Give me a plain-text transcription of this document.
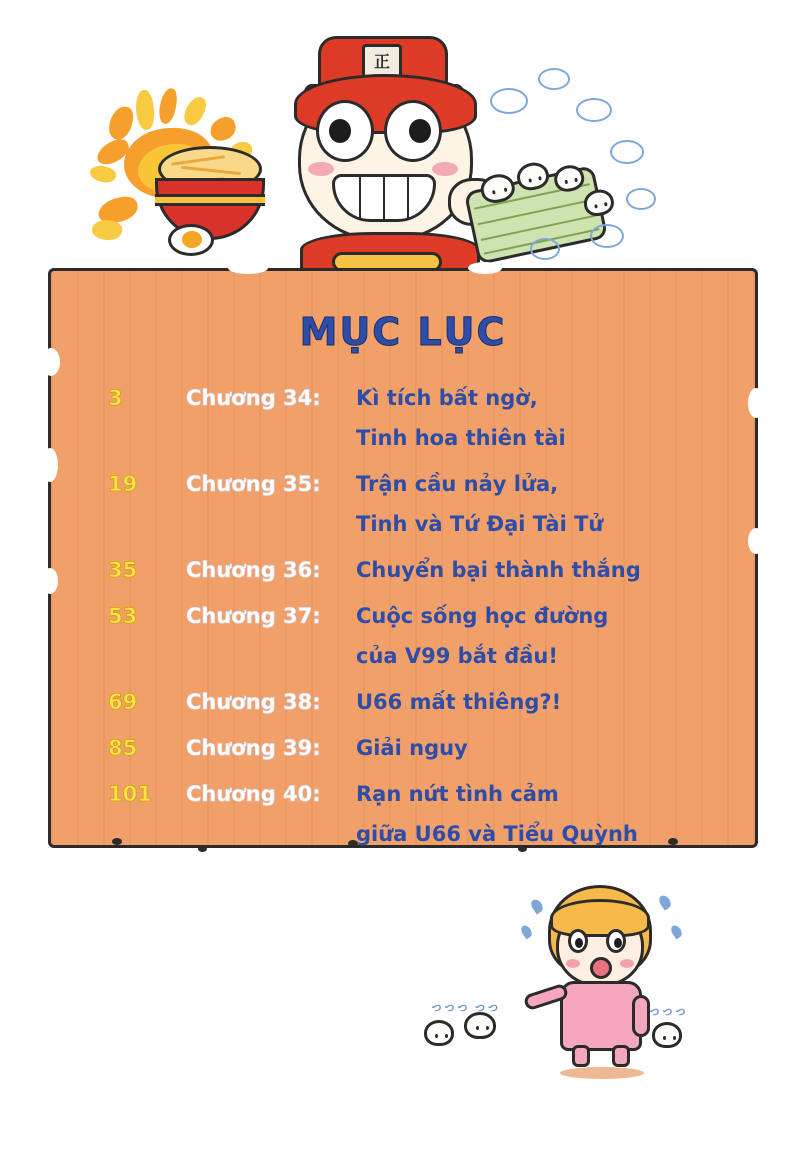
正
MỤC LỤC
3	Chương 34:	Kì tích bất ngờ,
Tinh hoa thiên tài
19	Chương 35:	Trận cầu nảy lửa,
Tinh và Tứ Đại Tài Tử
35	Chương 36:	Chuyển bại thành thắng
53	Chương 37:	Cuộc sống học đường
của V99 bắt đầu!
69	Chương 38:	U66 mất thiêng?!
85	Chương 39:	Giải nguy
101	Chương 40:	Rạn nứt tình cảm
giữa U66 và Tiểu Quỳnh
っっっ っっ	っっっ
